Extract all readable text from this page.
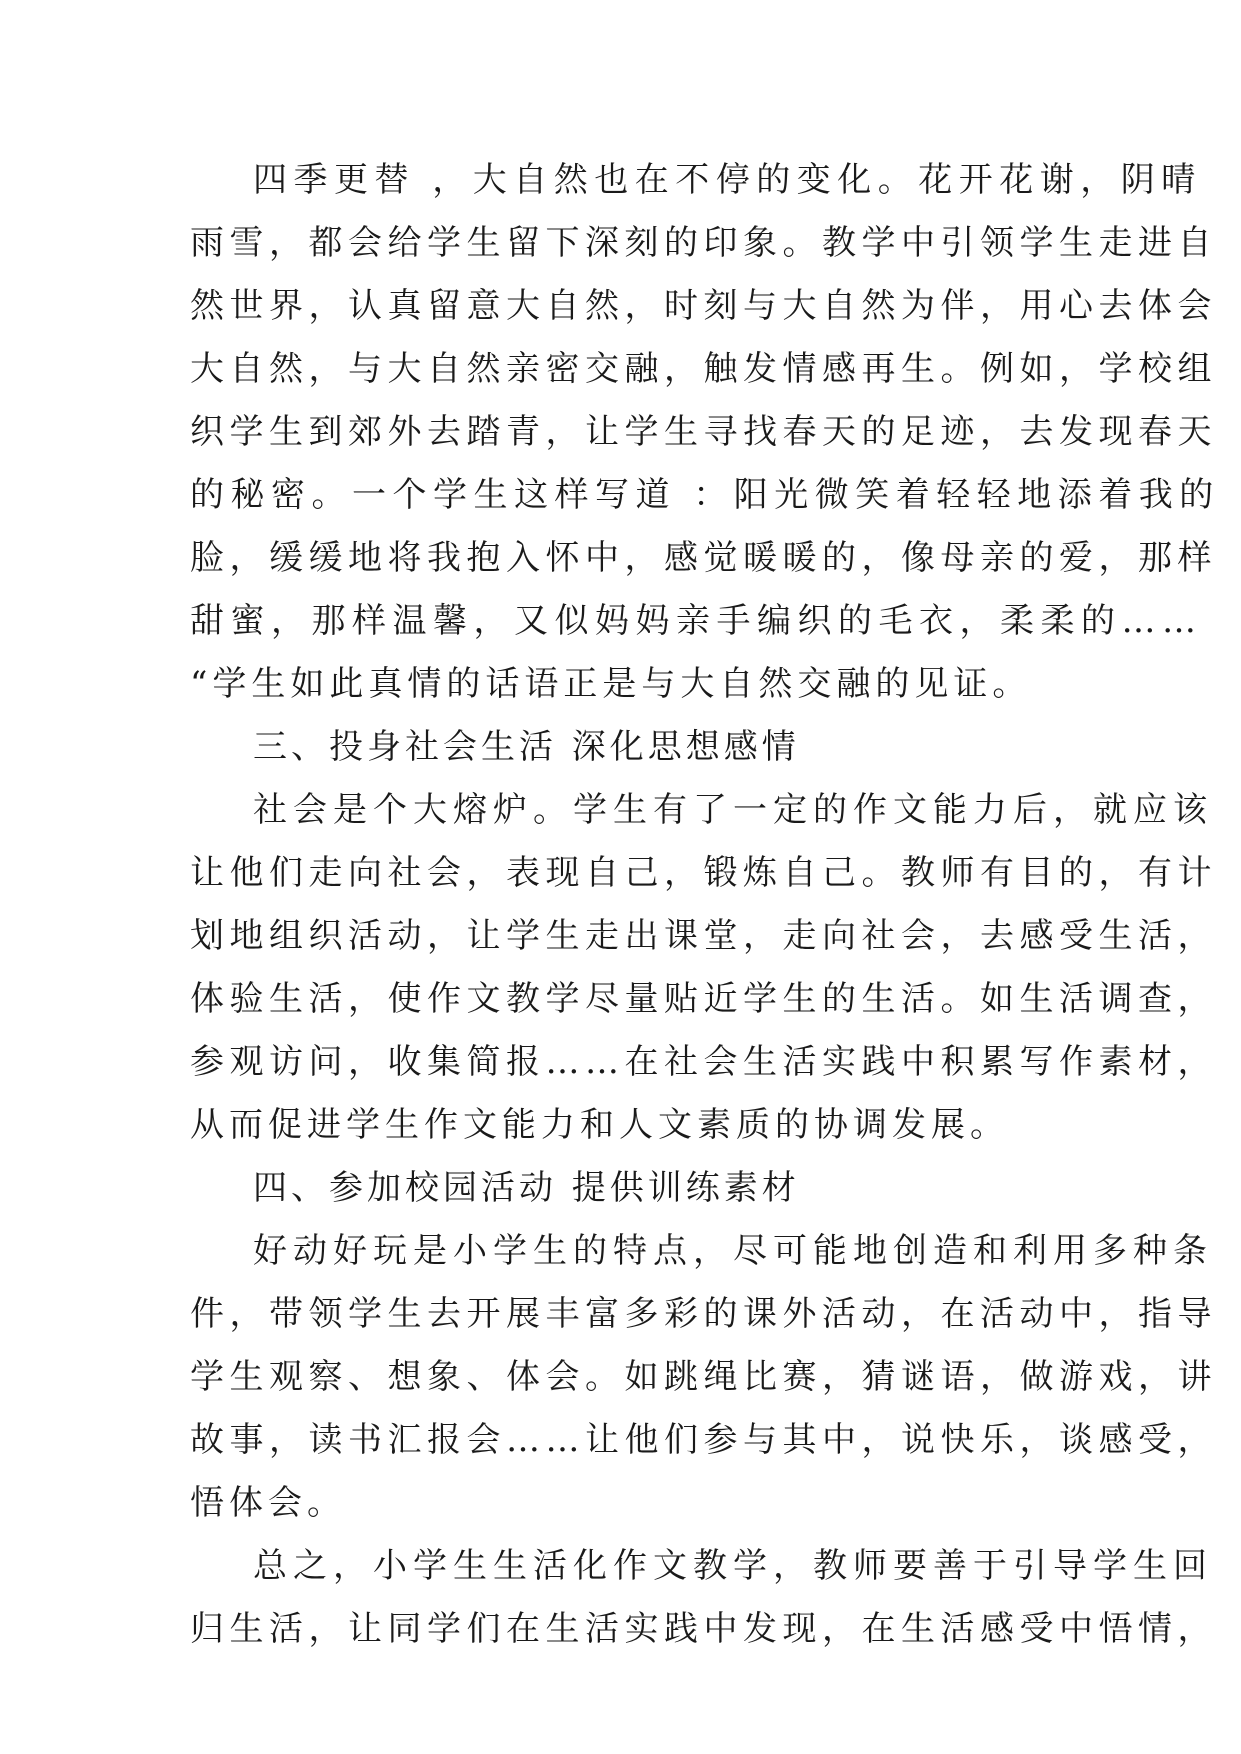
四季更替 ，大自然也在不停的变化。花开花谢，阴晴
雨雪，都会给学生留下深刻的印象。教学中引领学生走进自
然世界，认真留意大自然，时刻与大自然为伴，用心去体会
大自然，与大自然亲密交融，触发情感再生。例如，学校组
织学生到郊外去踏青，让学生寻找春天的足迹，去发现春天
的秘密。一个学生这样写道 ：阳光微笑着轻轻地添着我的
脸，缓缓地将我抱入怀中，感觉暖暖的，像母亲的爱，那样
甜蜜，那样温馨，又似妈妈亲手编织的毛衣，柔柔的……
“学生如此真情的话语正是与大自然交融的见证。
三、投身社会生活 深化思想感情
社会是个大熔炉。学生有了一定的作文能力后，就应该
让他们走向社会，表现自己，锻炼自己。教师有目的，有计
划地组织活动，让学生走出课堂，走向社会，去感受生活，
体验生活，使作文教学尽量贴近学生的生活。如生活调查，
参观访问，收集简报……在社会生活实践中积累写作素材，
从而促进学生作文能力和人文素质的协调发展。
四、参加校园活动 提供训练素材
好动好玩是小学生的特点，尽可能地创造和利用多种条
件，带领学生去开展丰富多彩的课外活动，在活动中，指导
学生观察、想象、体会。如跳绳比赛，猜谜语，做游戏，讲
故事，读书汇报会……让他们参与其中，说快乐，谈感受，
悟体会。
总之，小学生生活化作文教学，教师要善于引导学生回
归生活，让同学们在生活实践中发现，在生活感受中悟情，
